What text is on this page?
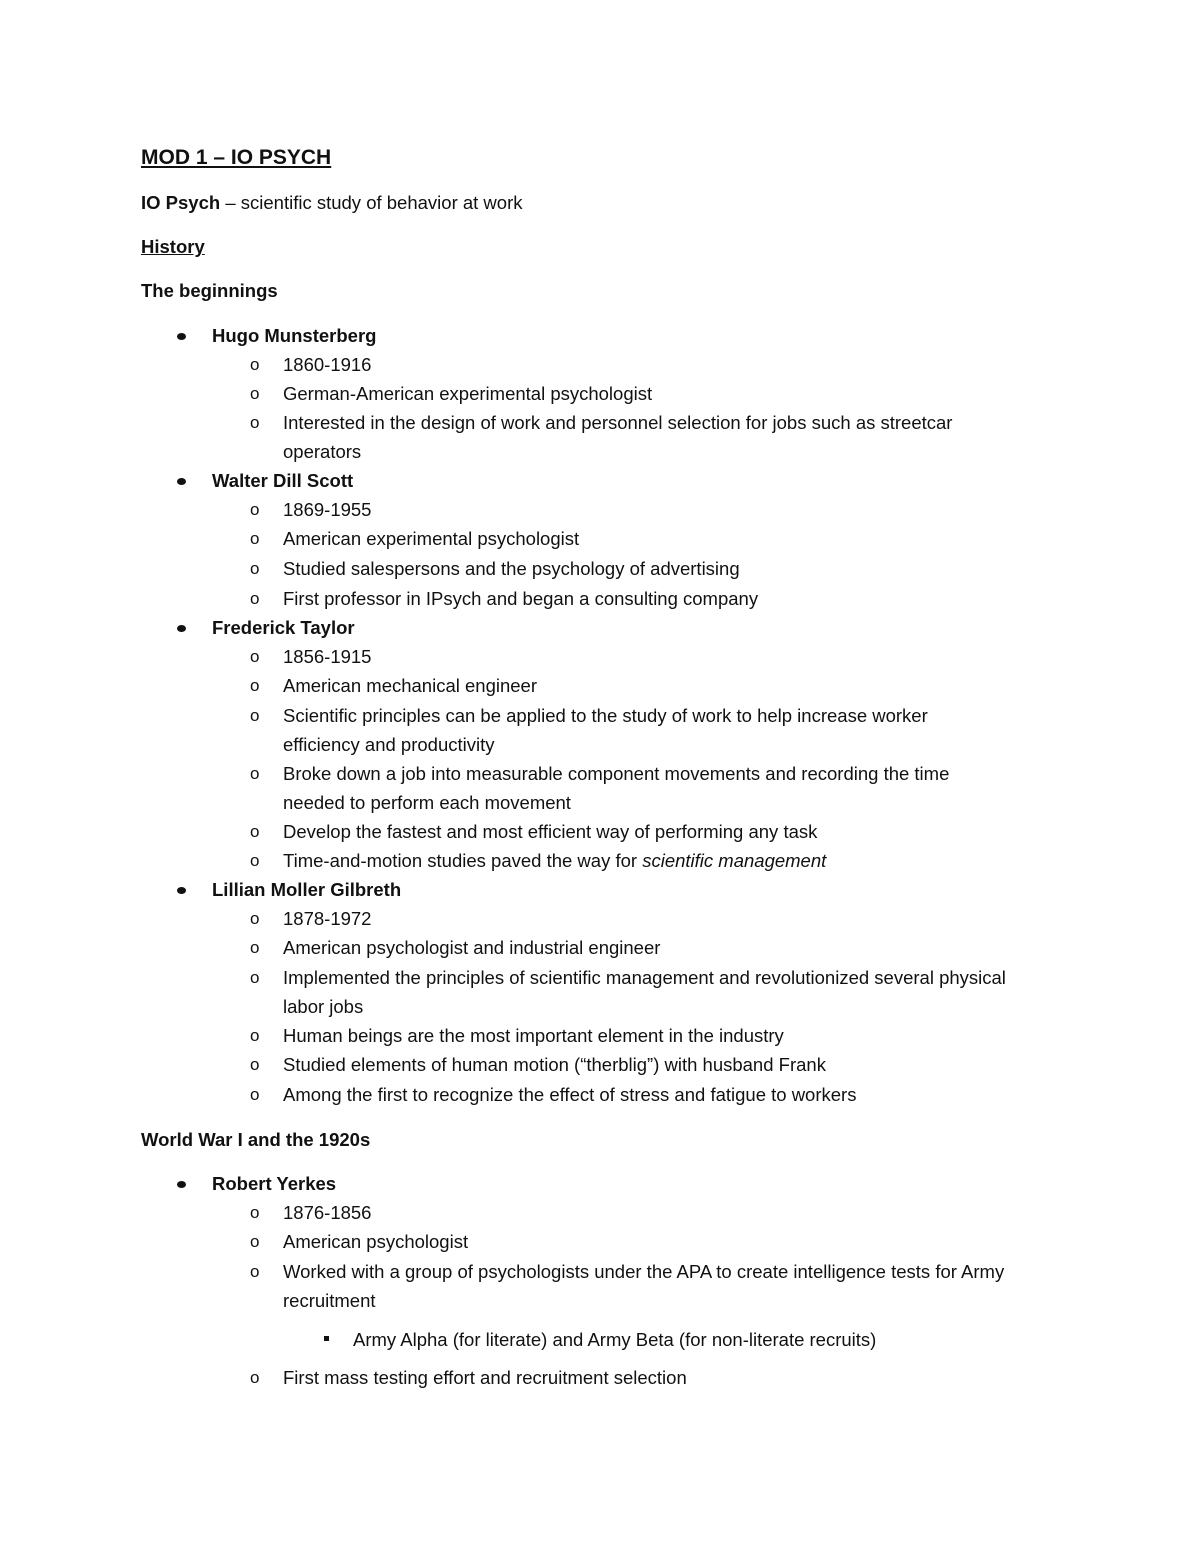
MOD 1 – IO PSYCH
IO Psych – scientific study of behavior at work
History
The beginnings
Hugo Munsterberg
o 1860-1916
o German-American experimental psychologist
o Interested in the design of work and personnel selection for jobs such as streetcar
operators
Walter Dill Scott
o 1869-1955
o American experimental psychologist
o Studied salespersons and the psychology of advertising
o First professor in IPsych and began a consulting company
Frederick Taylor
o 1856-1915
o American mechanical engineer
o Scientific principles can be applied to the study of work to help increase worker
efficiency and productivity
o Broke down a job into measurable component movements and recording the time
needed to perform each movement
o Develop the fastest and most efficient way of performing any task
o Time-and-motion studies paved the way for scientific management
Lillian Moller Gilbreth
o 1878-1972
o American psychologist and industrial engineer
o Implemented the principles of scientific management and revolutionized several physical
labor jobs
o Human beings are the most important element in the industry
o Studied elements of human motion (“therblig”) with husband Frank
o Among the first to recognize the effect of stress and fatigue to workers
World War I and the 1920s
Robert Yerkes
o 1876-1856
o American psychologist
o Worked with a group of psychologists under the APA to create intelligence tests for Army
recruitment
Army Alpha (for literate) and Army Beta (for non-literate recruits)
o First mass testing effort and recruitment selection
